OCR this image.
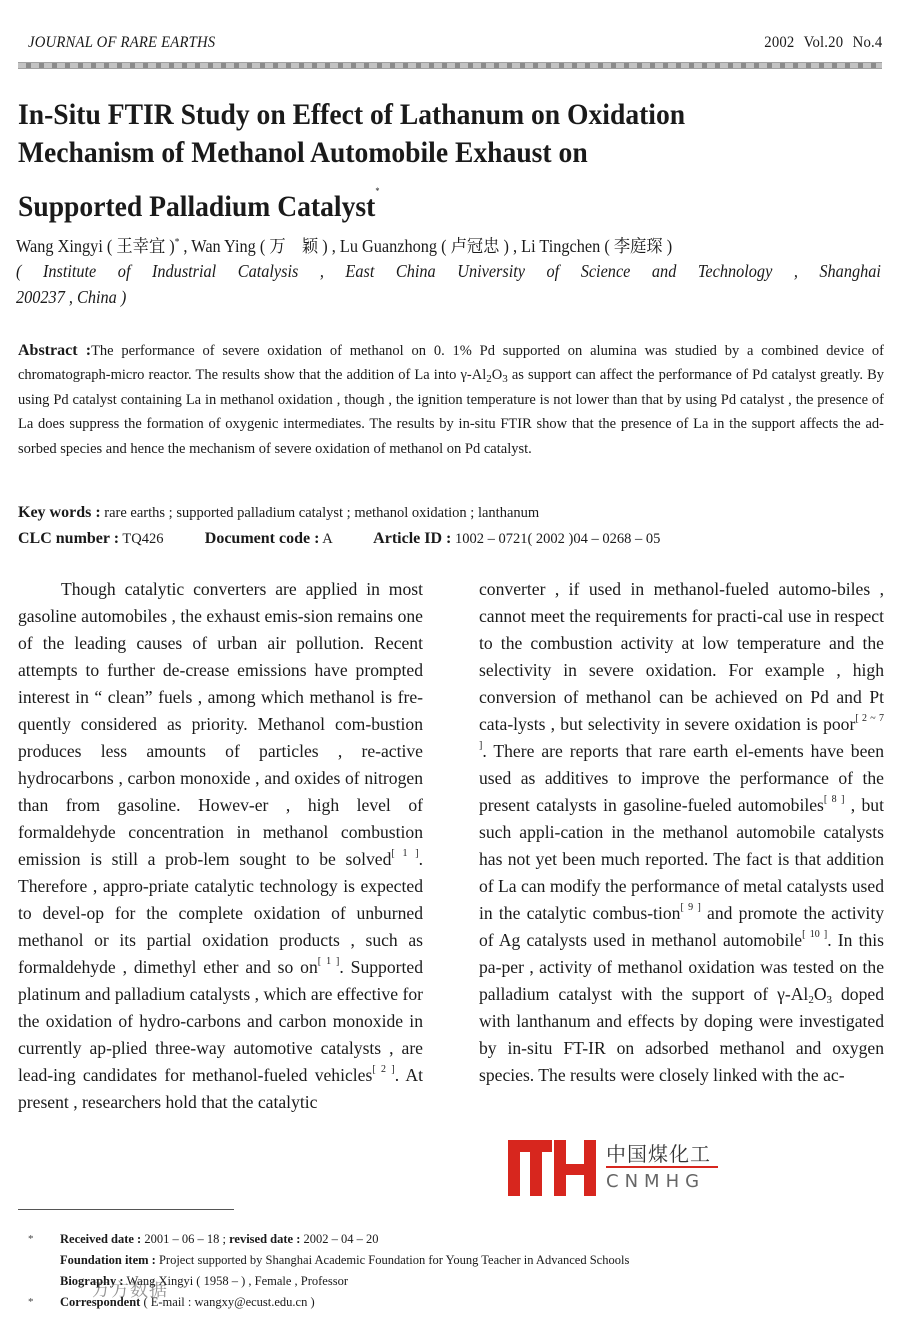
JOURNAL OF RARE EARTHS	2002 Vol.20 No.4
In-Situ FTIR Study on Effect of Lathanum on Oxidation
Mechanism of Methanol Automobile Exhaust on
Supported Palladium Catalyst*
Wang Xingyi ( 王幸宜 )* , Wan Ying ( 万　颖 ) , Lu Guanzhong ( 卢冠忠 ) , Li Tingchen ( 李庭琛 )
( Institute of Industrial Catalysis , East China University of Science and Technology , Shanghai
200237 , China )
Abstract :The performance of severe oxidation of methanol on 0. 1% Pd supported on alumina was studied by a combined device of chromatograph-micro reactor. The results show that the addition of La into $\gamma-Al_2O_3$ as support can affect the performance of Pd catalyst greatly. By using Pd catalyst containing La in methanol oxidation , though , the ignition temperature is not lower than that by using Pd catalyst , the presence of La does suppress the formation of oxygenic intermediates. The results by in-situ FTIR show that the presence of La in the support affects the ad-sorbed species and hence the mechanism of severe oxidation of methanol on Pd catalyst.
Key words : rare earths ; supported palladium catalyst ; methanol oxidation ; lanthanum
CLC number : TQ426	Document code : A	Article ID : 1002 – 0721( 2002 )04 – 0268 – 05

Though catalytic converters are applied in most gasoline automobiles , the exhaust emis-sion remains one of the leading causes of urban air pollution. Recent attempts to further de-crease emissions have prompted interest in “ clean” fuels , among which methanol is fre-quently considered as priority. Methanol com-bustion produces less amounts of particles , re-active hydrocarbons , carbon monoxide , and oxides of nitrogen than from gasoline. Howev-er , high level of formaldehyde concentration in methanol combustion emission is still a prob-lem sought to be solved[ 1 ]. Therefore , appro-priate catalytic technology is expected to devel-op for the complete oxidation of unburned methanol or its partial oxidation products , such as formaldehyde , dimethyl ether and so on[ 1 ]. Supported platinum and palladium catalysts , which are effective for the oxidation of hydro-carbons and carbon monoxide in currently ap-plied three-way automotive catalysts , are lead-ing candidates for methanol-fueled vehicles[ 2 ]. At present , researchers hold that the catalytic

converter , if used in methanol-fueled automo-biles , cannot meet the requirements for practi-cal use in respect to the combustion activity at low temperature and the selectivity in severe oxidation. For example , high conversion of methanol can be achieved on Pd and Pt cata-lysts , but selectivity in severe oxidation is poor[ 2 ~ 7 ]. There are reports that rare earth el-ements have been used as additives to improve the performance of the present catalysts in gasoline-fueled automobiles[ 8 ] , but such appli-cation in the methanol automobile catalysts has not yet been much reported. The fact is that addition of La can modify the performance of metal catalysts used in the catalytic combus-tion[ 9 ] and promote the activity of Ag catalysts used in methanol automobile[ 10 ]. In this pa-per , activity of methanol oxidation was tested on the palladium catalyst with the support of $\gamma-Al_2O_3$ doped with lanthanum and effects by doping were investigated by in-situ FT-IR on adsorbed methanol and oxygen species. The results were closely linked with the ac-

中国煤化工
CNMHG
* Received date : 2001 – 06 – 18 ; revised date : 2002 – 04 – 20
Foundation item : Project supported by Shanghai Academic Foundation for Young Teacher in Advanced Schools
Biography : Wang Xingyi ( 1958 – ) , Female , Professor
* Correspondent ( E-mail : wangxy@ecust.edu.cn )
万方数据
